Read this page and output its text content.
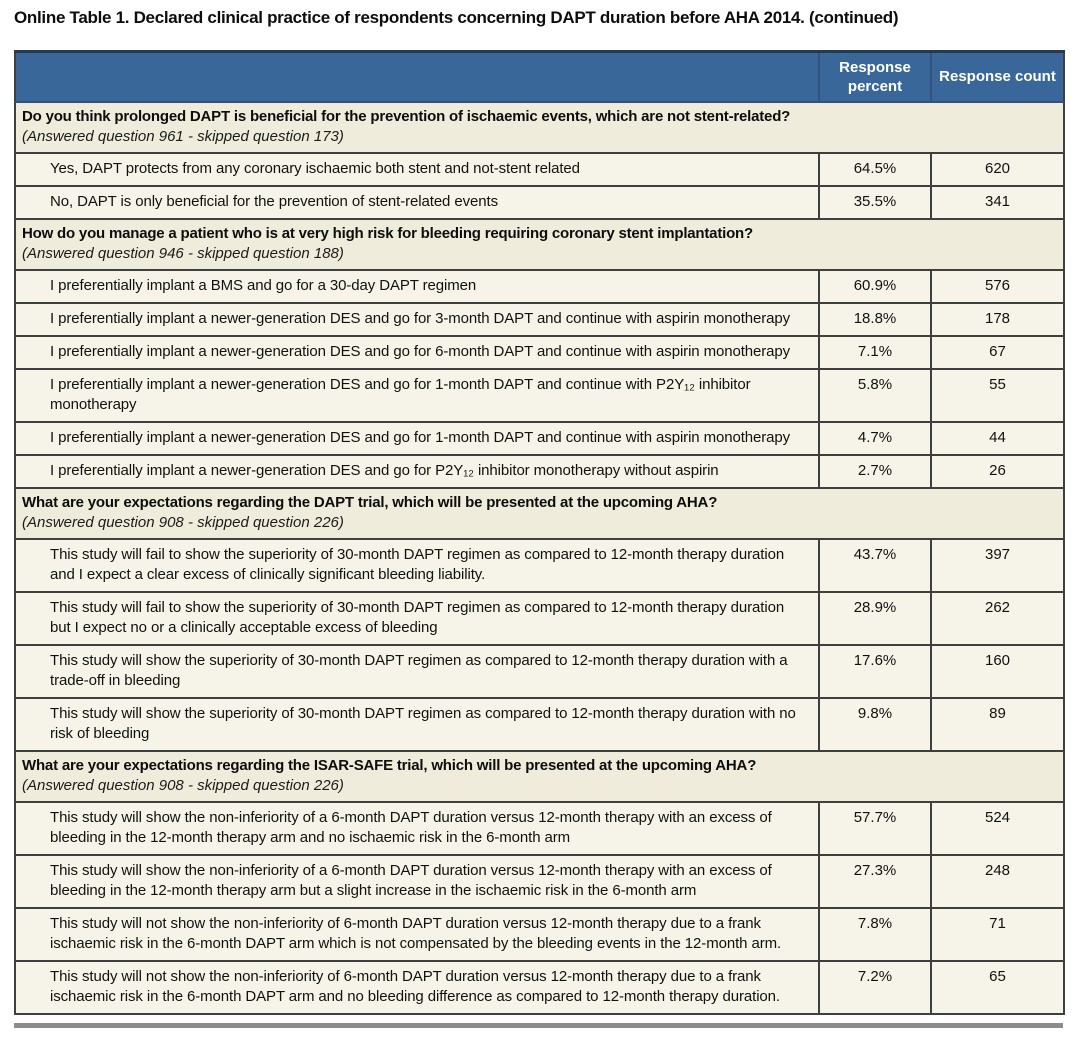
Online Table 1. Declared clinical practice of respondents concerning DAPT duration before AHA 2014. (continued)
	Response percent	Response count

Do you think prolonged DAPT is beneficial for the prevention of ischaemic events, which are not stent-related?
(Answered question 961 - skipped question 173)		

Yes, DAPT protects from any coronary ischaemic both stent and not-stent related	64.5%	620
No, DAPT is only beneficial for the prevention of stent-related events	35.5%	341

How do you manage a patient who is at very high risk for bleeding requiring coronary stent implantation?
(Answered question 946 - skipped question 188)		

I preferentially implant a BMS and go for a 30-day DAPT regimen	60.9%	576
I preferentially implant a newer-generation DES and go for 3-month DAPT and continue with aspirin monotherapy	18.8%	178
I preferentially implant a newer-generation DES and go for 6-month DAPT and continue with aspirin monotherapy	7.1%	67
I preferentially implant a newer-generation DES and go for 1-month DAPT and continue with P2Y₁₂ inhibitor monotherapy	5.8%	55
I preferentially implant a newer-generation DES and go for 1-month DAPT and continue with aspirin monotherapy	4.7%	44
I preferentially implant a newer-generation DES and go for P2Y₁₂ inhibitor monotherapy without aspirin	2.7%	26

What are your expectations regarding the DAPT trial, which will be presented at the upcoming AHA?
(Answered question 908 - skipped question 226)		

This study will fail to show the superiority of 30-month DAPT regimen as compared to 12-month therapy duration and I expect a clear excess of clinically significant bleeding liability.	43.7%	397
This study will fail to show the superiority of 30-month DAPT regimen as compared to 12-month therapy duration but I expect no or a clinically acceptable excess of bleeding	28.9%	262
This study will show the superiority of 30-month DAPT regimen as compared to 12-month therapy duration with a trade-off in bleeding	17.6%	160
This study will show the superiority of 30-month DAPT regimen as compared to 12-month therapy duration with no risk of bleeding	9.8%	89

What are your expectations regarding the ISAR-SAFE trial, which will be presented at the upcoming AHA?
(Answered question 908 - skipped question 226)		

This study will show the non-inferiority of a 6-month DAPT duration versus 12-month therapy with an excess of bleeding in the 12-month therapy arm and no ischaemic risk in the 6-month arm	57.7%	524
This study will show the non-inferiority of a 6-month DAPT duration versus 12-month therapy with an excess of bleeding in the 12-month therapy arm but a slight increase in the ischaemic risk in the 6-month arm	27.3%	248
This study will not show the non-inferiority of 6-month DAPT duration versus 12-month therapy due to a frank ischaemic risk in the 6-month DAPT arm which is not compensated by the bleeding events in the 12-month arm.	7.8%	71
This study will not show the non-inferiority of 6-month DAPT duration versus 12-month therapy due to a frank ischaemic risk in the 6-month DAPT arm and no bleeding difference as compared to 12-month therapy duration.	7.2%	65
